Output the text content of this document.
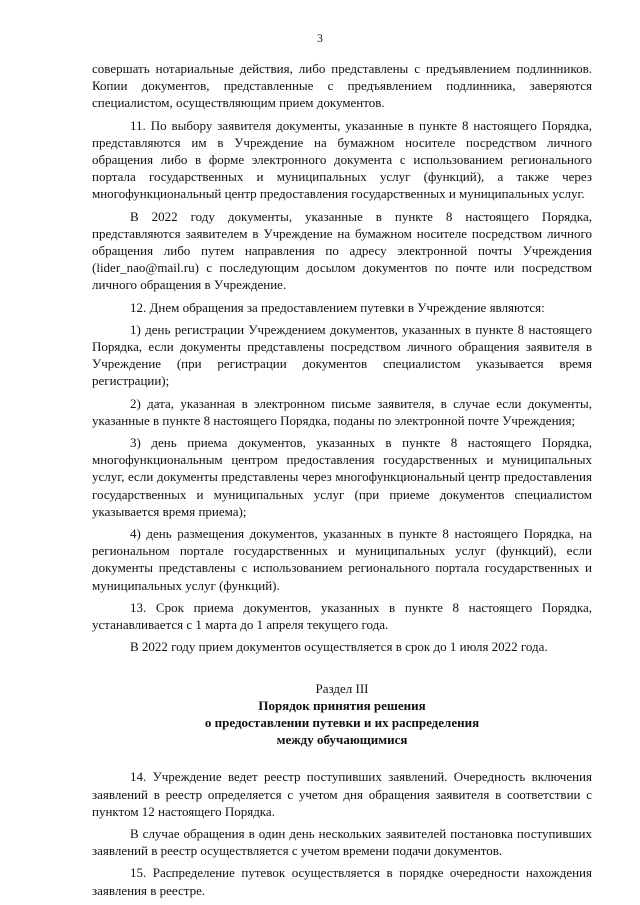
3

совершать нотариальные действия, либо представлены с предъявлением подлинников. Копии документов, представленные с предъявлением подлинника, заверяются специалистом, осуществляющим прием документов.

11. По выбору заявителя документы, указанные в пункте 8 настоящего Порядка, представляются им в Учреждение на бумажном носителе посредством личного обращения либо в форме электронного документа с использованием регионального портала государственных и муниципальных услуг (функций), а также через многофункциональный центр предоставления государственных и муниципальных услуг.

В 2022 году документы, указанные в пункте 8 настоящего Порядка, представляются заявителем в Учреждение на бумажном носителе посредством личного обращения либо путем направления по адресу электронной почты Учреждения (lider_nao@mail.ru) с последующим досылом документов по почте или посредством личного обращения в Учреждение.

12. Днем обращения за предоставлением путевки в Учреждение являются:

1) день регистрации Учреждением документов, указанных в пункте 8 настоящего Порядка, если документы представлены посредством личного обращения заявителя в Учреждение (при регистрации документов специалистом указывается время регистрации);

2) дата, указанная в электронном письме заявителя, в случае если документы, указанные в пункте 8 настоящего Порядка, поданы по электронной почте Учреждения;

3) день приема документов, указанных в пункте 8 настоящего Порядка, многофункциональным центром предоставления государственных и муниципальных услуг, если документы представлены через многофункциональный центр предоставления государственных и муниципальных услуг (при приеме документов специалистом указывается время приема);

4) день размещения документов, указанных в пункте 8 настоящего Порядка, на региональном портале государственных и муниципальных услуг (функций), если документы представлены с использованием регионального портала государственных и муниципальных услуг (функций).

13. Срок приема документов, указанных в пункте 8 настоящего Порядка, устанавливается с 1 марта до 1 апреля текущего года.

В 2022 году прием документов осуществляется в срок до 1 июля 2022 года.

Раздел III
Порядок принятия решения
о предоставлении путевки и их распределения
между обучающимися

14. Учреждение ведет реестр поступивших заявлений. Очередность включения заявлений в реестр определяется с учетом дня обращения заявителя в соответствии с пунктом 12 настоящего Порядка.

В случае обращения в один день нескольких заявителей постановка поступивших заявлений в реестр осуществляется с учетом времени подачи документов.

15. Распределение путевок осуществляется в порядке очередности нахождения заявления в реестре.
